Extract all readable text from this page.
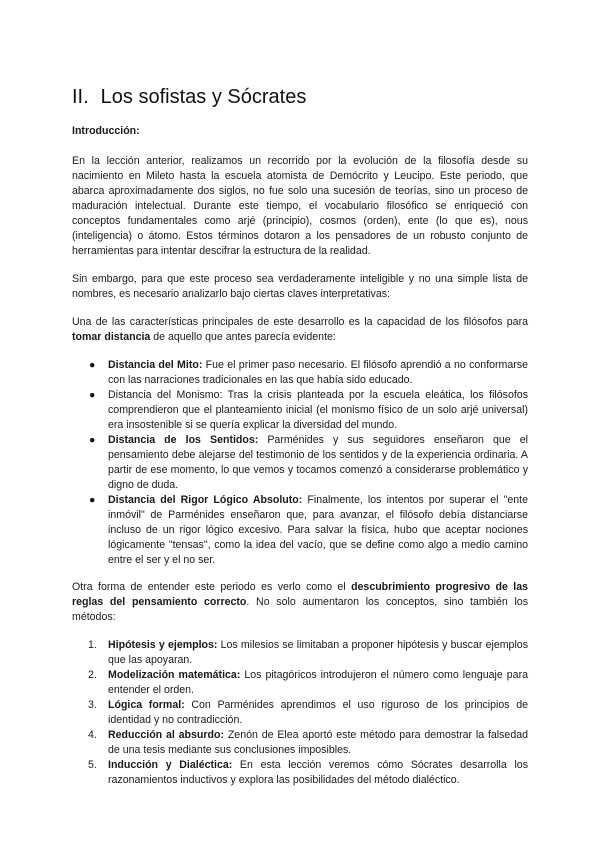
II. Los sofistas y Sócrates
Introducción:

En la lección anterior, realizamos un recorrido por la evolución de la filosofía desde su nacimiento en Mileto hasta la escuela atomista de Demócrito y Leucipo. Este periodo, que abarca aproximadamente dos siglos, no fue solo una sucesión de teorías, sino un proceso de maduración intelectual. Durante este tiempo, el vocabulario filosófico se enriqueció con conceptos fundamentales como arjé (principio), cosmos (orden), ente (lo que es), nous (inteligencia) o átomo. Estos términos dotaron a los pensadores de un robusto conjunto de herramientas para intentar descifrar la estructura de la realidad.

Sin embargo, para que este proceso sea verdaderamente inteligible y no una simple lista de nombres, es necesario analizarlo bajo ciertas claves interpretativas:

Una de las características principales de este desarrollo es la capacidad de los filósofos para tomar distancia de aquello que antes parecía evidente:

● Distancia del Mito: Fue el primer paso necesario. El filósofo aprendió a no conformarse con las narraciones tradicionales en las que había sido educado.
● Distancia del Monismo: Tras la crisis planteada por la escuela eleática, los filósofos comprendieron que el planteamiento inicial (el monismo físico de un solo arjé universal) era insostenible si se quería explicar la diversidad del mundo.
● Distancia de los Sentidos: Parménides y sus seguidores enseñaron que el pensamiento debe alejarse del testimonio de los sentidos y de la experiencia ordinaria. A partir de ese momento, lo que vemos y tocamos comenzó a considerarse problemático y digno de duda.
● Distancia del Rigor Lógico Absoluto: Finalmente, los intentos por superar el "ente inmóvil" de Parménides enseñaron que, para avanzar, el filósofo debía distanciarse incluso de un rigor lógico excesivo. Para salvar la física, hubo que aceptar nociones lógicamente "tensas", como la idea del vacío, que se define como algo a medio camino entre el ser y el no ser.

Otra forma de entender este periodo es verlo como el descubrimiento progresivo de las reglas del pensamiento correcto. No solo aumentaron los conceptos, sino también los métodos:

1. Hipótesis y ejemplos: Los milesios se limitaban a proponer hipótesis y buscar ejemplos que las apoyaran.
2. Modelización matemática: Los pitagóricos introdujeron el número como lenguaje para entender el orden.
3. Lógica formal: Con Parménides aprendimos el uso riguroso de los principios de identidad y no contradicción.
4. Reducción al absurdo: Zenón de Elea aportó este método para demostrar la falsedad de una tesis mediante sus conclusiones imposibles.
5. Inducción y Dialéctica: En esta lección veremos cómo Sócrates desarrolla los razonamientos inductivos y explora las posibilidades del método dialéctico.
